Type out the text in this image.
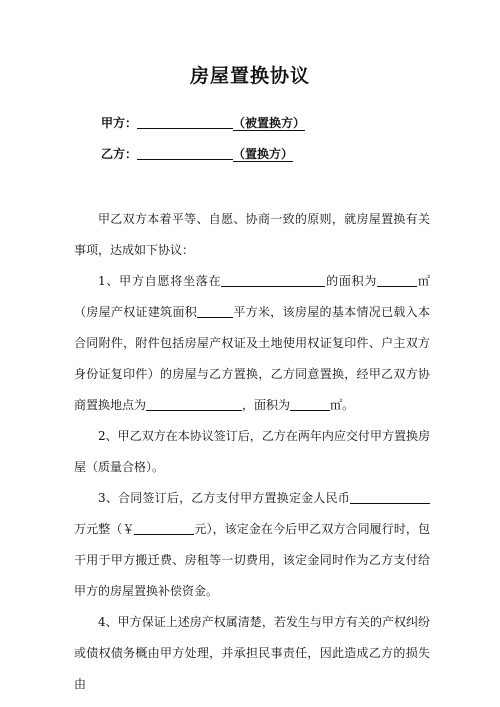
房屋置换协议
甲方：	（被置换方）
乙方：	（置换方）

甲乙双方本着平等、自愿、协商一致的原则，就房屋置换有关事项，达成如下协议：

1、甲方自愿将坐落在	的面积为	㎡（房屋产权证建筑面积	平方米，该房屋的基本情况已载入本合同附件，附件包括房屋产权证及土地使用权证复印件、户主双方身份证复印件）的房屋与乙方置换，乙方同意置换，经甲乙双方协商置换地点为	，面积为	㎡。

2、甲乙双方在本协议签订后，乙方在两年内应交付甲方置换房屋（质量合格）。

3、合同签订后，乙方支付甲方置换定金人民币万元整（￥	元），该定金在今后甲乙双方合同履行时，包干用于甲方搬迁费、房租等一切费用，该定金同时作为乙方支付给甲方的房屋置换补偿资金。

4、甲方保证上述房产权属清楚，若发生与甲方有关的产权纠纷或债权债务概由甲方处理，并承担民事责任，因此造成乙方的损失由
